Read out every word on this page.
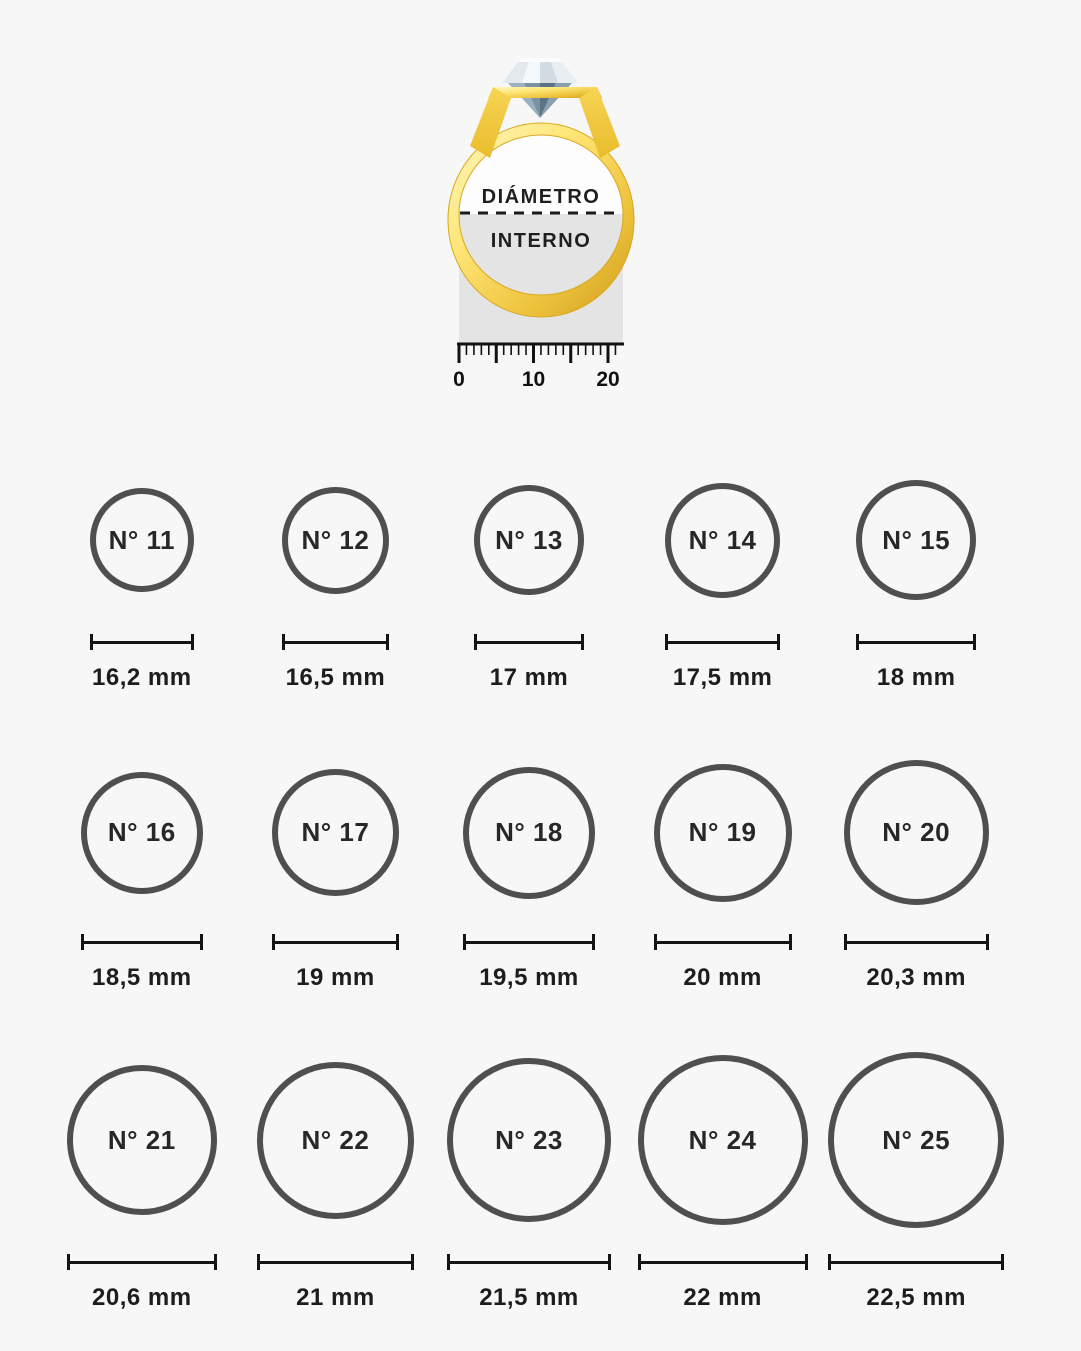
DIÁMETRO
INTERNO
0	10 20
N° 11
16,2 mm
N° 12
16,5 mm
N° 13
17 mm
N° 14
17,5 mm
N° 15
18 mm
N° 16
18,5 mm
N° 17
19 mm
N° 18
19,5 mm
N° 19
20 mm
N° 20
20,3 mm
N° 21
20,6 mm
N° 22
21 mm
N° 23
21,5 mm
N° 24
22 mm
N° 25
22,5 mm
